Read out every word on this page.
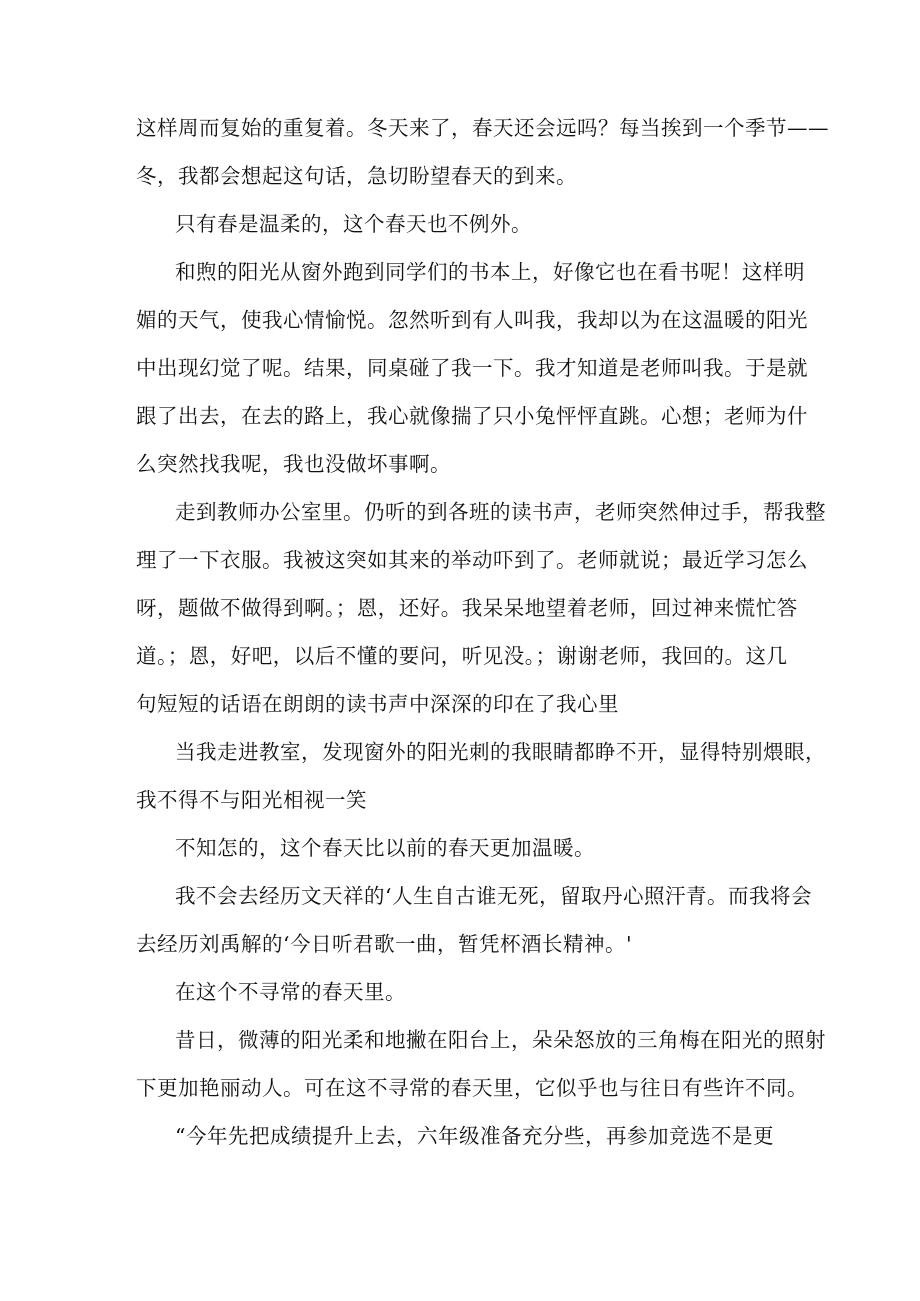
这样周而复始的重复着。冬天来了，春天还会远吗？每当挨到一个季节——
冬，我都会想起这句话，急切盼望春天的到来。
只有春是温柔的，这个春天也不例外。
和煦的阳光从窗外跑到同学们的书本上，好像它也在看书呢！这样明
媚的天气，使我心情愉悦。忽然听到有人叫我，我却以为在这温暖的阳光
中出现幻觉了呢。结果，同桌碰了我一下。我才知道是老师叫我。于是就
跟了出去，在去的路上，我心就像揣了只小兔怦怦直跳。心想；老师为什
么突然找我呢，我也没做坏事啊。
走到教师办公室里。仍听的到各班的读书声，老师突然伸过手，帮我整
理了一下衣服。我被这突如其来的举动吓到了。老师就说；最近学习怎么
呀，题做不做得到啊。；恩，还好。我呆呆地望着老师，回过神来慌忙答
道。；恩，好吧，以后不懂的要问，听见没。；谢谢老师，我回的。这几
句短短的话语在朗朗的读书声中深深的印在了我心里
当我走进教室，发现窗外的阳光刺的我眼睛都睁不开，显得特别煨眼，
我不得不与阳光相视一笑
不知怎的，这个春天比以前的春天更加温暖。
我不会去经历文天祥的‘人生自古谁无死，留取丹心照汗青。而我将会
去经历刘禹解的‘今日听君歌一曲，暂凭杯酒长精神。'
在这个不寻常的春天里。
昔日，微薄的阳光柔和地撇在阳台上，朵朵怒放的三角梅在阳光的照射
下更加艳丽动人。可在这不寻常的春天里，它似乎也与往日有些许不同。
“今年先把成绩提升上去，六年级准备充分些，再参加竞选不是更
